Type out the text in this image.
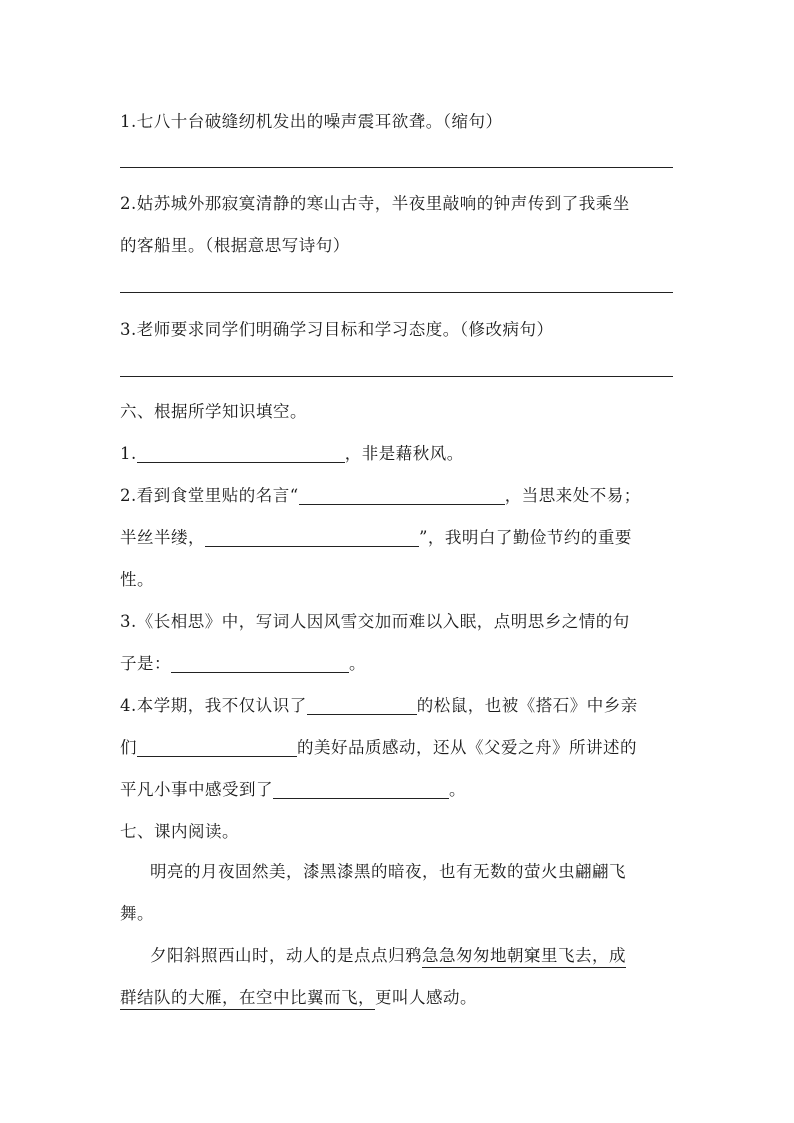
1.七八十台破缝纫机发出的噪声震耳欲聋。（缩句）
2.姑苏城外那寂寞清静的寒山古寺，半夜里敲响的钟声传到了我乘坐
的客船里。（根据意思写诗句）
3.老师要求同学们明确学习目标和学习态度。（修改病句）
六、根据所学知识填空。
1.	，非是藉秋风。
2.看到食堂里贴的名言“	，当思来处不易；
半丝半缕，	”，我明白了勤俭节约的重要
性。
3.《长相思》中，写词人因风雪交加而难以入眠，点明思乡之情的句
子是：	。
4.本学期，我不仅认识了	的松鼠，也被《搭石》中乡亲
们	的美好品质感动，还从《父爱之舟》所讲述的
平凡小事中感受到了	。
七、课内阅读。
明亮的月夜固然美，漆黑漆黑的暗夜，也有无数的萤火虫翩翩飞
舞。
夕阳斜照西山时，动人的是点点归鸦急急匆匆地朝窠里飞去，成
群结队的大雁，在空中比翼而飞，更叫人感动。
